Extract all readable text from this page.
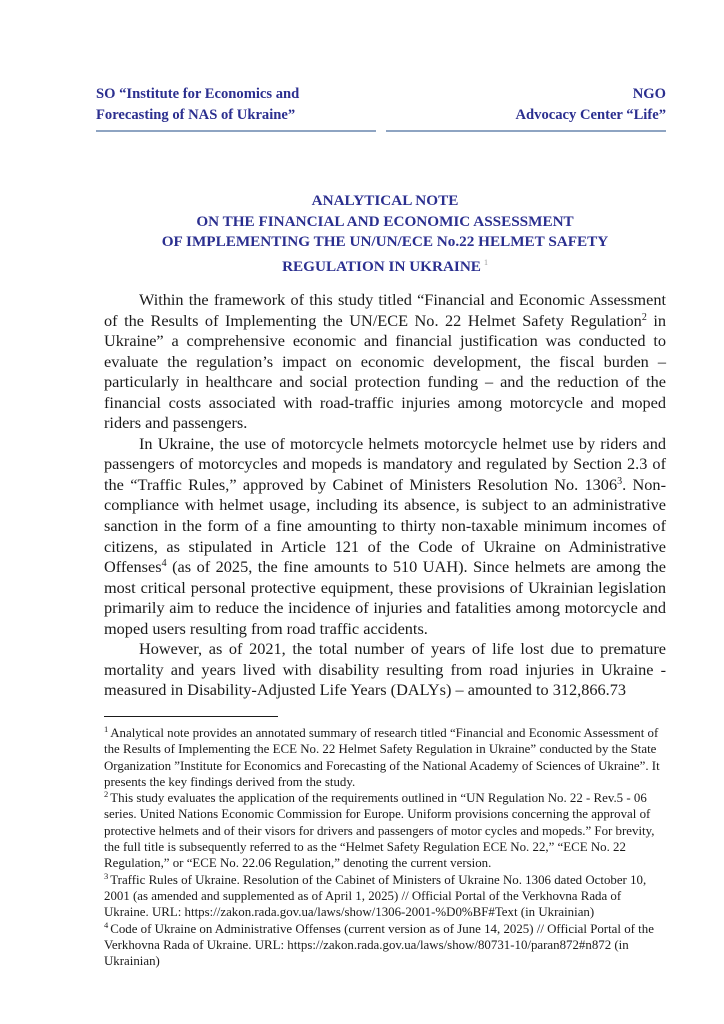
SO “Institute for Economics and
Forecasting of NAS of Ukraine”
NGO
Advocacy Center “Life”
ANALYTICAL NOTE
ON THE FINANCIAL AND ECONOMIC ASSESSMENT
OF IMPLEMENTING THE UN/UN/ECE No.22 HELMET SAFETY
REGULATION IN UKRAINE $^1$

Within the framework of this study titled “Financial and Economic Assessment of the Results of Implementing the UN/ECE No. 22 Helmet Safety Regulation$^2$ in Ukraine” a comprehensive economic and financial justification was conducted to evaluate the regulation’s impact on economic development, the fiscal burden – particularly in healthcare and social protection funding – and the reduction of the financial costs associated with road-traffic injuries among motorcycle and moped riders and passengers.

In Ukraine, the use of motorcycle helmets motorcycle helmet use by riders and passengers of motorcycles and mopeds is mandatory and regulated by Section 2.3 of the “Traffic Rules,” approved by Cabinet of Ministers Resolution No. 1306$^3$. Non-compliance with helmet usage, including its absence, is subject to an administrative sanction in the form of a fine amounting to thirty non-taxable minimum incomes of citizens, as stipulated in Article 121 of the Code of Ukraine on Administrative Offenses$^4$ (as of 2025, the fine amounts to 510 UAH). Since helmets are among the most critical personal protective equipment, these provisions of Ukrainian legislation primarily aim to reduce the incidence of injuries and fatalities among motorcycle and moped users resulting from road traffic accidents.

However, as of 2021, the total number of years of life lost due to premature mortality and years lived with disability resulting from road injuries in Ukraine - measured in Disability-Adjusted Life Years (DALYs) – amounted to 312,866.73

$^1$ Analytical note provides an annotated summary of research titled “Financial and Economic Assessment of the Results of Implementing the ECE No. 22 Helmet Safety Regulation in Ukraine” conducted by the State Organization ”Institute for Economics and Forecasting of the National Academy of Sciences of Ukraine”. It presents the key findings derived from the study.

$^2$ This study evaluates the application of the requirements outlined in “UN Regulation No. 22 - Rev.5 - 06 series. United Nations Economic Commission for Europe. Uniform provisions concerning the approval of protective helmets and of their visors for drivers and passengers of motor cycles and mopeds.” For brevity, the full title is subsequently referred to as the “Helmet Safety Regulation ECE No. 22,” “ECE No. 22 Regulation,” or “ECE No. 22.06 Regulation,” denoting the current version.

$^3$ Traffic Rules of Ukraine. Resolution of the Cabinet of Ministers of Ukraine No. 1306 dated October 10, 2001 (as amended and supplemented as of April 1, 2025) // Official Portal of the Verkhovna Rada of Ukraine. URL: https://zakon.rada.gov.ua/laws/show/1306-2001-%D0%BF#Text (in Ukrainian)

$^4$ Code of Ukraine on Administrative Offenses (current version as of June 14, 2025) // Official Portal of the Verkhovna Rada of Ukraine. URL: https://zakon.rada.gov.ua/laws/show/80731-10/paran872#n872 (in Ukrainian)
